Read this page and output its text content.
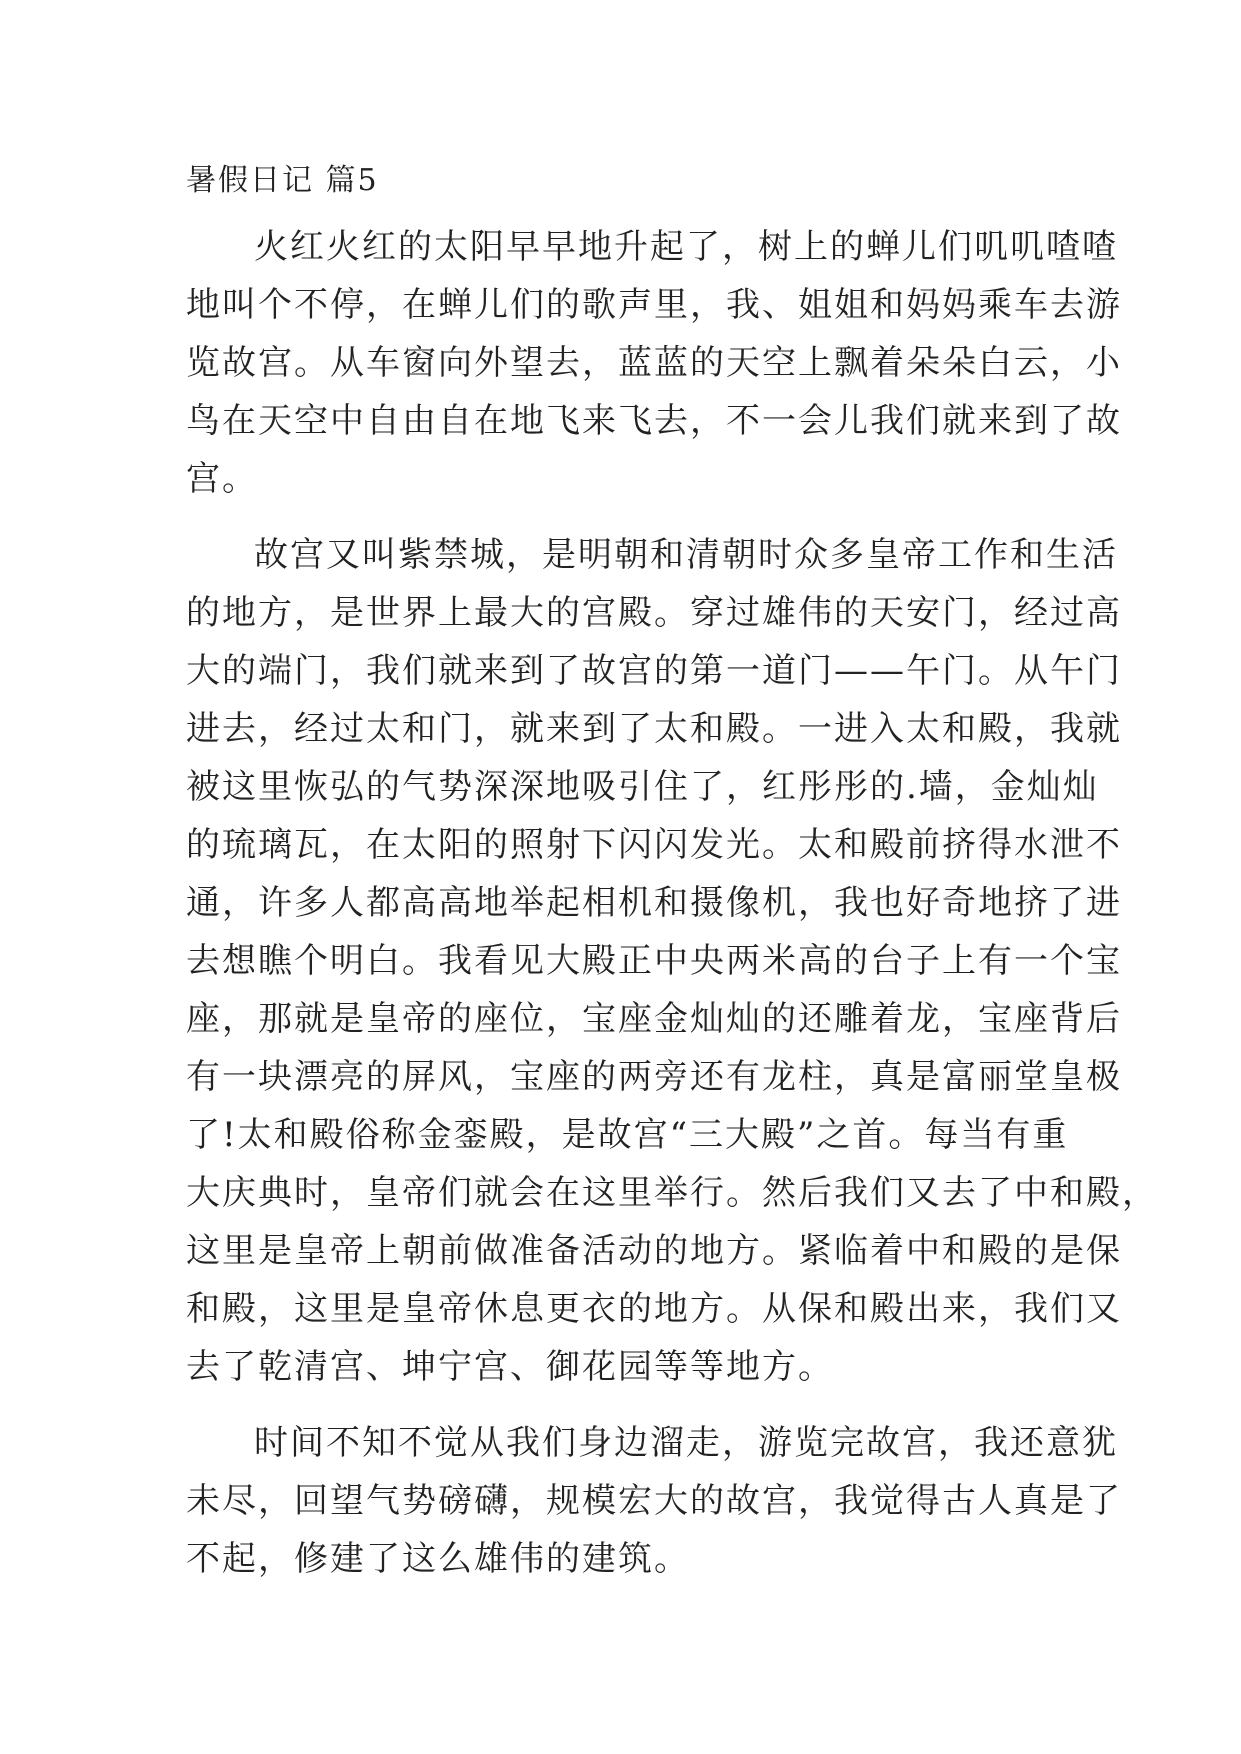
暑假日记 篇5

火红火红的太阳早早地升起了，树上的蝉儿们叽叽喳喳
地叫个不停，在蝉儿们的歌声里，我、姐姐和妈妈乘车去游
览故宫。从车窗向外望去，蓝蓝的天空上飘着朵朵白云，小
鸟在天空中自由自在地飞来飞去，不一会儿我们就来到了故
宫。

故宫又叫紫禁城，是明朝和清朝时众多皇帝工作和生活
的地方，是世界上最大的宫殿。穿过雄伟的天安门，经过高
大的端门，我们就来到了故宫的第一道门——午门。从午门
进去，经过太和门，就来到了太和殿。一进入太和殿，我就
被这里恢弘的气势深深地吸引住了，红彤彤的.墙，金灿灿
的琉璃瓦，在太阳的照射下闪闪发光。太和殿前挤得水泄不
通，许多人都高高地举起相机和摄像机，我也好奇地挤了进
去想瞧个明白。我看见大殿正中央两米高的台子上有一个宝
座，那就是皇帝的座位，宝座金灿灿的还雕着龙，宝座背后
有一块漂亮的屏风，宝座的两旁还有龙柱，真是富丽堂皇极
了!太和殿俗称金銮殿，是故宫“三大殿”之首。每当有重
大庆典时，皇帝们就会在这里举行。然后我们又去了中和殿，
这里是皇帝上朝前做准备活动的地方。紧临着中和殿的是保
和殿，这里是皇帝休息更衣的地方。从保和殿出来，我们又
去了乾清宫、坤宁宫、御花园等等地方。

时间不知不觉从我们身边溜走，游览完故宫，我还意犹
未尽，回望气势磅礴，规模宏大的故宫，我觉得古人真是了
不起，修建了这么雄伟的建筑。
